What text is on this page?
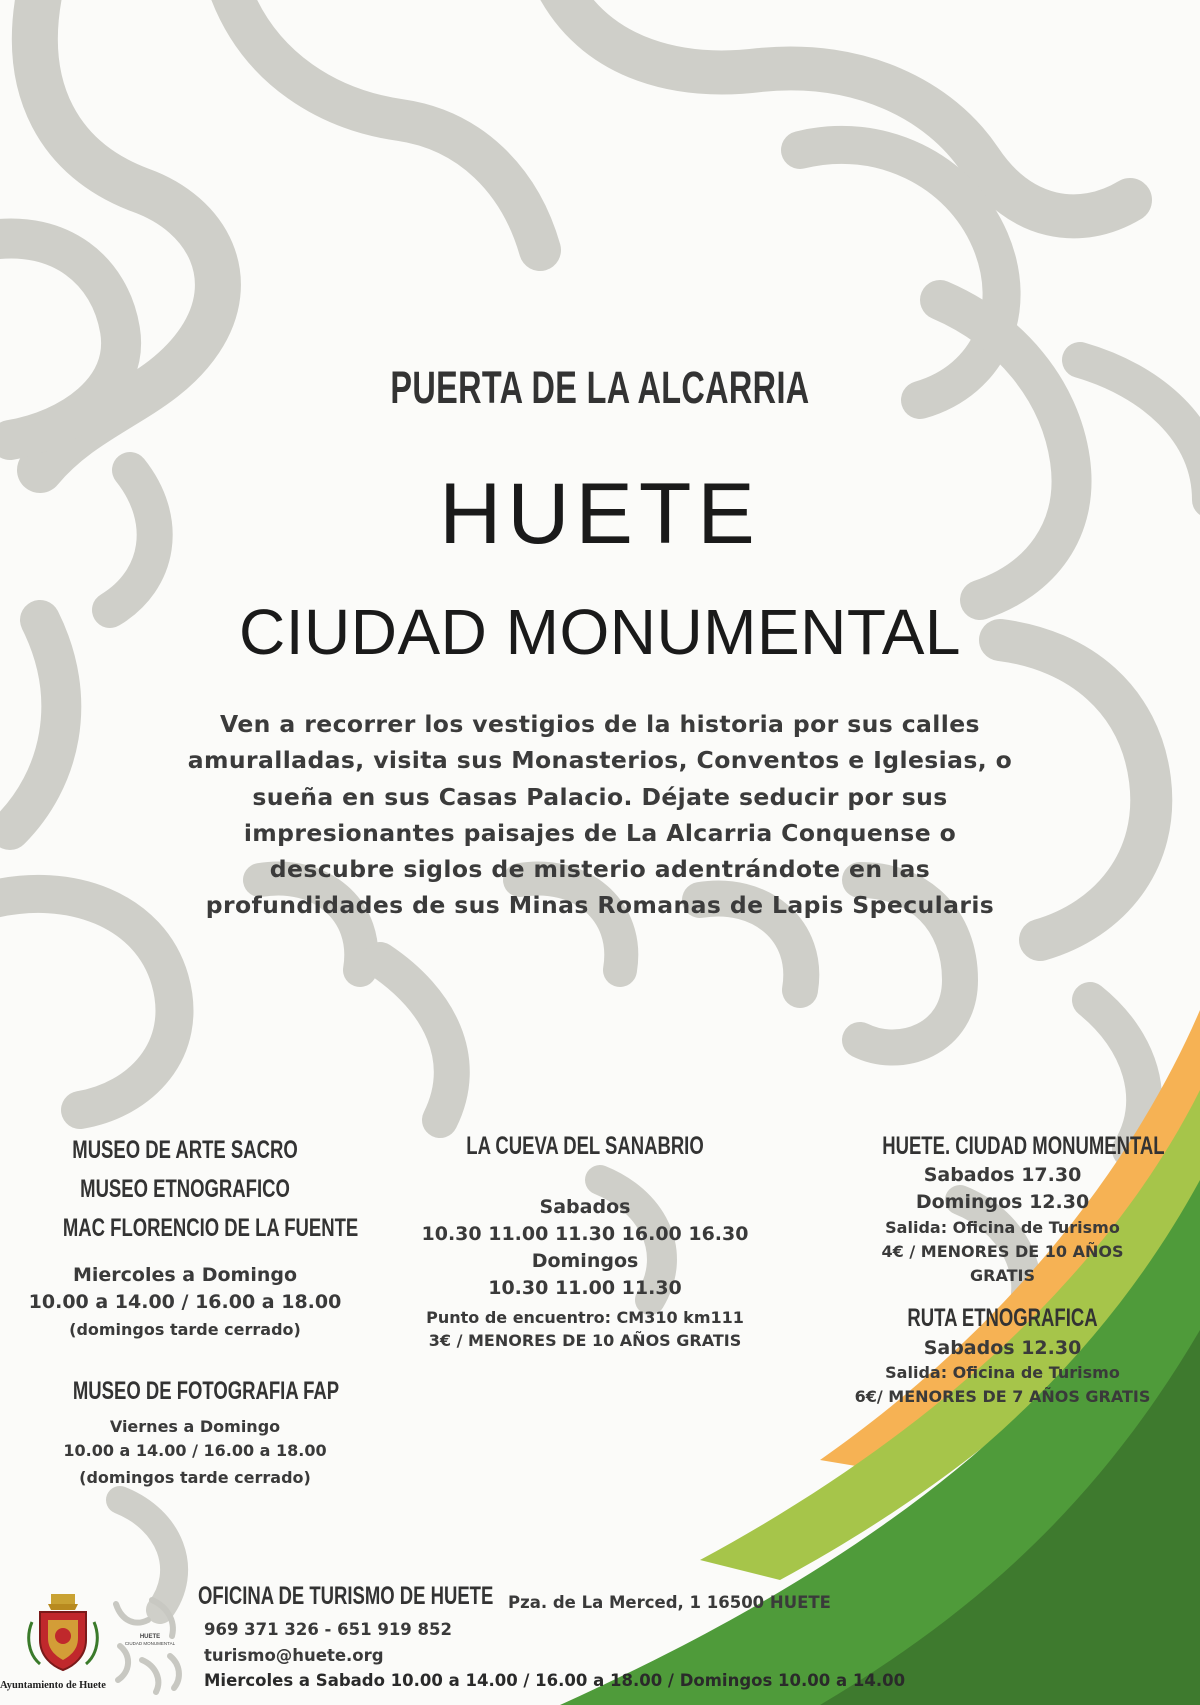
PUERTA DE LA ALCARRIA
HUETE
CIUDAD MONUMENTAL
Ven a recorrer los vestigios de la historia por sus calles
amuralladas, visita sus Monasterios, Conventos e Iglesias, o
sueña en sus Casas Palacio. Déjate seducir por sus
impresionantes paisajes de La Alcarria Conquense o
descubre siglos de misterio adentrándote en las
profundidades de sus Minas Romanas de Lapis Specularis
MUSEO DE ARTE SACRO
MUSEO ETNOGRAFICO
MAC FLORENCIO DE LA FUENTE
Miercoles a Domingo
10.00 a 14.00 / 16.00 a 18.00
(domingos tarde cerrado)
MUSEO DE FOTOGRAFIA FAP
Viernes a Domingo
10.00 a 14.00 / 16.00 a 18.00
(domingos tarde cerrado)
LA CUEVA DEL SANABRIO
Sabados
10.30 11.00 11.30 16.00 16.30
Domingos
10.30 11.00 11.30
Punto de encuentro: CM310 km111
3€ / MENORES DE 10 AÑOS GRATIS
HUETE. CIUDAD MONUMENTAL
Sabados 17.30
Domingos 12.30
Salida: Oficina de Turismo
4€ / MENORES DE 10 AÑOS
GRATIS
RUTA ETNOGRAFICA
Sabados 12.30
Salida: Oficina de Turismo
6€/ MENORES DE 7 AÑOS GRATIS
Ayuntamiento de Huete
HUETE
CIUDAD MONUMENTAL
OFICINA DE TURISMO DE HUETE Pza. de La Merced, 1 16500 HUETE
969 371 326 - 651 919 852
turismo@huete.org
Miercoles a Sabado 10.00 a 14.00 / 16.00 a 18.00 / Domingos 10.00 a 14.00
